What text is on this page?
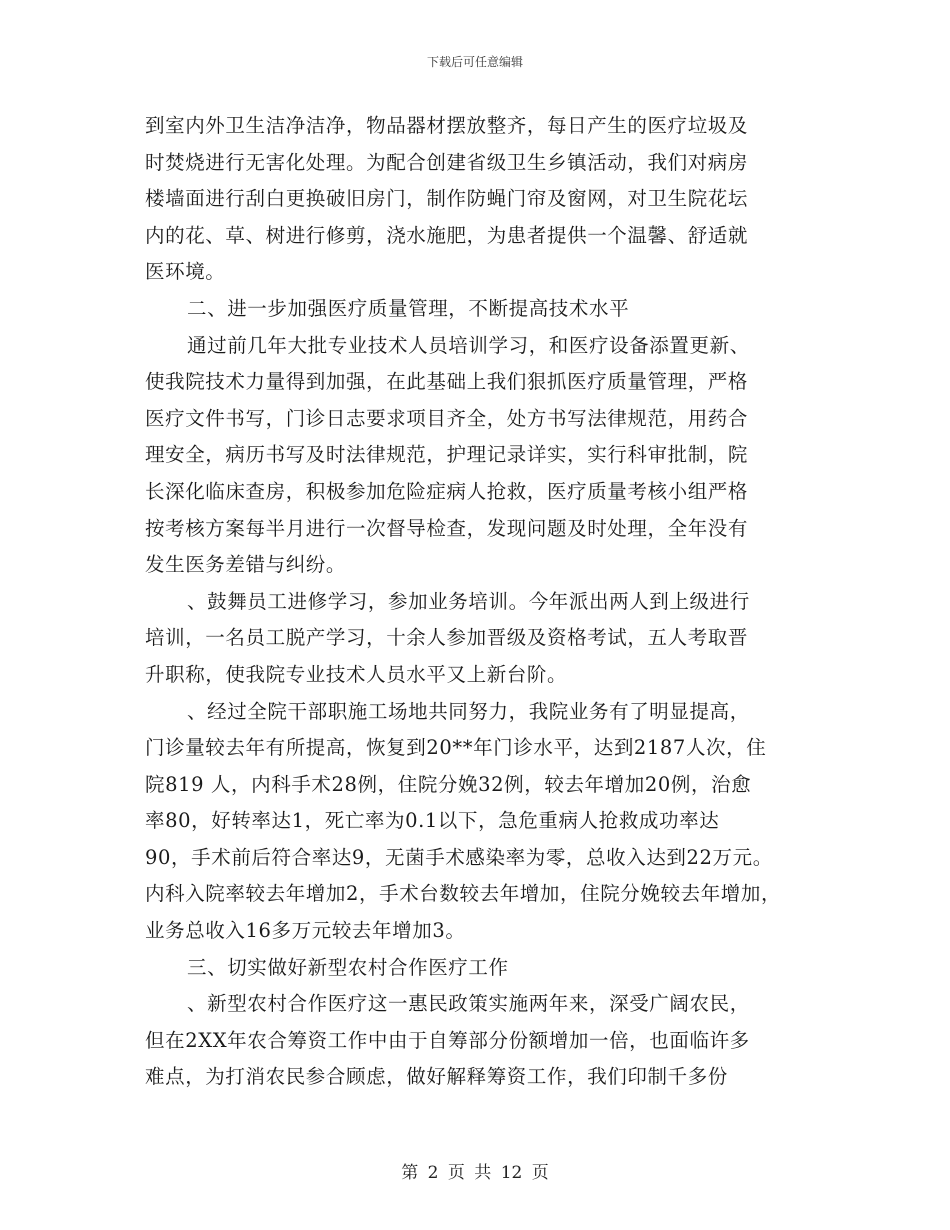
下载后可任意编辑
到室内外卫生洁净洁净，物品器材摆放整齐，每日产生的医疗垃圾及
时焚烧进行无害化处理。为配合创建省级卫生乡镇活动，我们对病房
楼墙面进行刮白更换破旧房门，制作防蝇门帘及窗网，对卫生院花坛
内的花、草、树进行修剪，浇水施肥，为患者提供一个温馨、舒适就
医环境。
二、进一步加强医疗质量管理，不断提高技术水平
通过前几年大批专业技术人员培训学习，和医疗设备添置更新、
使我院技术力量得到加强，在此基础上我们狠抓医疗质量管理，严格
医疗文件书写，门诊日志要求项目齐全，处方书写法律规范，用药合
理安全，病历书写及时法律规范，护理记录详实，实行科审批制，院
长深化临床查房，积极参加危险症病人抢救，医疗质量考核小组严格
按考核方案每半月进行一次督导检查，发现问题及时处理，全年没有
发生医务差错与纠纷。
、鼓舞员工进修学习，参加业务培训。今年派出两人到上级进行
培训，一名员工脱产学习，十余人参加晋级及资格考试，五人考取晋
升职称，使我院专业技术人员水平又上新台阶。
、经过全院干部职施工场地共同努力，我院业务有了明显提高，
门诊量较去年有所提高，恢复到20**年门诊水平，达到2187人次，住
院819 人，内科手术28例，住院分娩32例，较去年增加20例，治愈
率80，好转率达1，死亡率为0.1以下，急危重病人抢救成功率达
90，手术前后符合率达9，无菌手术感染率为零，总收入达到22万元。
内科入院率较去年增加2，手术台数较去年增加，住院分娩较去年增加，
业务总收入16多万元较去年增加3。
三、切实做好新型农村合作医疗工作
、新型农村合作医疗这一惠民政策实施两年来，深受广阔农民，
但在2XX年农合筹资工作中由于自筹部分份额增加一倍，也面临许多
难点，为打消农民参合顾虑，做好解释筹资工作，我们印制千多份
第 2 页 共 12 页
